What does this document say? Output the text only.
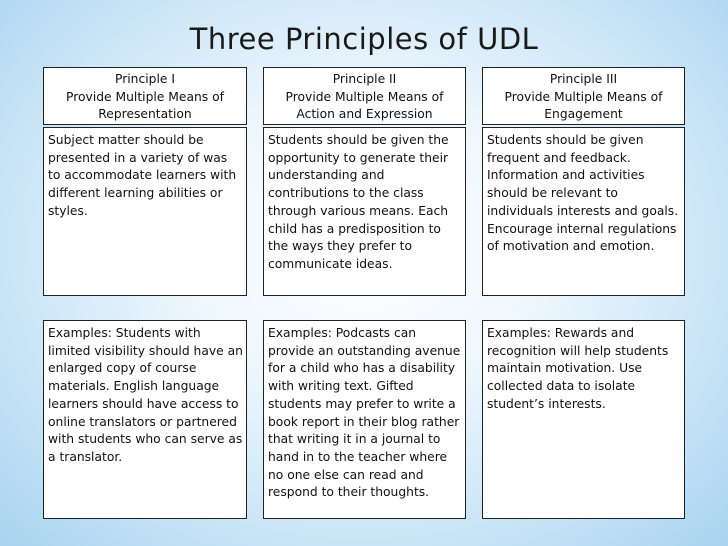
Three Principles of UDL
Principle I
Provide Multiple Means of Representation
Subject matter should be presented in a variety of was to accommodate learners with different learning abilities or styles.
Examples: Students with limited visibility should have an enlarged copy of course materials. English language learners should have access to online translators or partnered with students who can serve as a translator.
Principle II
Provide Multiple Means of Action and Expression
Students should be given the opportunity to generate their understanding and contributions to the class through various means. Each child has a predisposition to the ways they prefer to communicate ideas.
Examples: Podcasts can provide an outstanding avenue for a child who has a disability with writing text. Gifted students may prefer to write a book report in their blog rather that writing it in a journal to hand in to the teacher where no one else can read and respond to their thoughts.
Principle III
Provide Multiple Means of Engagement
Students should be given frequent and feedback. Information and activities should be relevant to individuals interests and goals. Encourage internal regulations of motivation and emotion.
Examples: Rewards and recognition will help students maintain motivation. Use collected data to isolate student’s interests.
